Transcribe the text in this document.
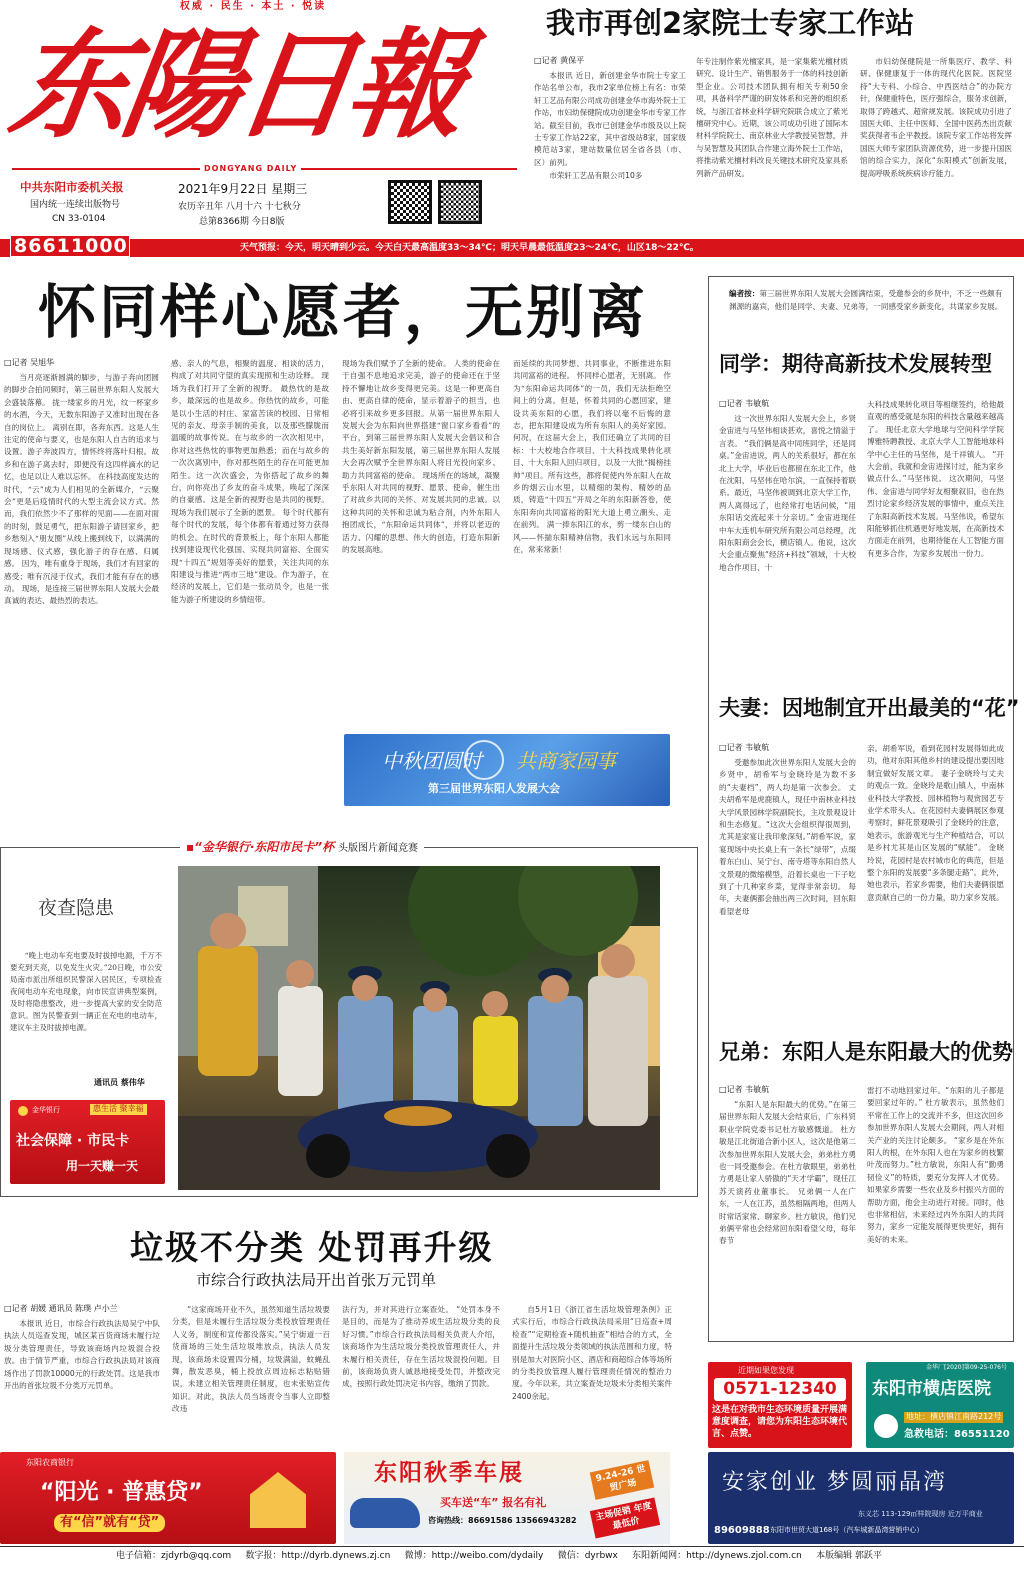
权威 · 民生 · 本土 · 悦读
东陽日報
DONGYANG DAILY
中共东阳市委机关报
国内统一连续出版物号
CN 33-0104
2021年9月22日 星期三
农历辛丑年 八月十六 十七秋分
总第8366期 今日8版
86611000	天气预报：今天，明天晴到少云。今天白天最高温度33～34℃；明天早晨最低温度23～24℃，山区18～22℃。
我市再创2家院士专家工作站
□记者 黄保平

本报讯 近日，新创建金华市院士专家工作站名单公布，我市2家单位榜上有名：市荣轩工艺品有限公司成功创建金华市海外院士工作站，市妇幼保健院成功创建金华市专家工作站。截至目前，我市已创建金华市级及以上院士专家工作站22家，其中省级站8家，国家级模范站3家，建站数量位居全省各县（市、区）前列。

市荣轩工艺品有限公司10多

年专注制作紫光檀家具，是一家集紫光檀材质研究、设计生产、销售服务于一体的科技创新型企业。公司技术团队拥有相关专利50余项，具备科学严谨的研发体系和完善的组织系统，与浙江省林业科学研究院联合成立了紫光檀研究中心。近期，该公司成功引进了国际木材科学院院士、南京林业大学教授吴智慧，并与吴智慧及其团队合作建立海外院士工作站，将推动紫光檀材料改良关键技术研究及家具系列新产品研发。

市妇幼保健院是一所集医疗、教学、科研、保健康复于一体的现代化医院。医院坚持“大专科、小综合、中西医结合”的办院方针，保健重特色，医疗强综合，服务求创新，取得了跨越式、超常规发展。该院成功引进了国医大师、主任中医师、全国中医药杰出贡献奖获得者韦企平教授。该院专家工作站将发挥国医大师专家团队资源优势，进一步提升国医馆的综合实力，深化“东阳模式”创新发展，提高呼吸系统疾病诊疗能力。

怀同样心愿者，无别离
□记者 吴旭华

当月亮逐渐圆满的脚步，与游子奔向团圆的脚步合拍同频时，第三届世界东阳人发展大会盛装落幕。 拢一缕家乡的月光，纹一杯家乡的水酒，今天，无数东阳游子又准时出现在各自的岗位上。 离别在即，各奔东西。这是人生注定的使命与要义，也是东阳人自古的追求与设置。游子奔波四方，情怀终将落叶归根。故乡和在游子离去时，即便没有这四样滴水的记忆，也足以让人难以忘怀。 在科技高度发达的时代，“云”成为人们相见的全新媒介，“云聚会”更是后疫情时代的大型主流会议方式。然而，我们依然少不了那样的见面——在面对面的时刻，鼓足勇气，把东阳游子请回家乡，把乡愁刻入“朋友圈”从线上搬到线下，以满满的现场感、仪式感，强化游子的存在感、归属感。 因为，唯有重身于现场，我们才有回家的感受；唯有沉浸于仪式，我们才能有存在的感动。 现场，是连接三届世界东阳人发展大会最真诚的表达、最热烈的表达。

感、亲人的气息，相聚的温度、相谈的活力，构成了对共同守望的真实现照和生动诠释。 现场为我们打开了全新的视野。 最热忱的是故乡，最深远的也是故乡。你热忱的故乡，可能是以小生活的村庄、家富苦读的校园、日常相见的亲友、母亲手制的美食，以及那些朦胧而温暖的故事传说。在与故乡的一次次相见中，你对这些热忱的事物更加熟悉；而在与故乡的一次次离别中，你对那些陌生的存在可能更加陌生。这一次次盛会，为你搭起了故乡的舞台，向你亮出了乡友的奋斗成果，唤起了深深的自豪感。这是全新的视野也是共同的视野。 现场为我们展示了全新的愿景。 每个时代都有每个时代的发展，每个体都有着通过努力获得的机会。在时代的背景板上，每个东阳人都能找到建设现代化强国、实现共同富裕、全面实现“十四五”规划等美好的愿景，关注共同的东阳建设与推进“两市三地”建设。作为游子，在经济的发展上，它们是一张动员令，也是一张能为游子所建设的乡情纽带。

现场为我们赋予了全新的使命。 人类的使命在于自强不息地追求完美，游子的使命还在于坚持不懈地让故乡变得更完美。这是一种更高自由、更高自律的使命，显示着游子的担当，也必将引来故乡更多回报。从第一届世界东阳人发展大会为东阳向世界搭建“窗口家乡看看”的平台，到第三届世界东阳人发展大会倡议和合共生美好新东阳发展，第三届世界东阳人发展大会再次赋予全世界东阳人将目光投向家乡、助力共同富裕的使命。 现场所在的场域，凝聚乎东阳人对共同的视野、愿景、使命，催生出了对故乡共同的关怀、对发展共同的忠诚。以这种共同的关怀和忠诚为粘合剂，内外东阳人抱团成长，“东阳命运共同体”，并将以老迈的活力、闪耀的思想、伟大的创造，打造东阳新的发展高地。

而延续的共同梦想、共同事业，不断推进东阳共同富裕的进程。 怀同样心愿者，无别离。 作为“东阳命运共同体”的一员，我们无法拒绝空间上的分离。但是，怀着共同的心愿回家，建设共美东阳的心愿，我们将以毫不后悔的意志，把东阳建设成为所有东阳人的美好家园。 何况，在这届大会上，我们还确立了共同的目标：十大校地合作项目、十大科技成果转化项目、十大东阳人回归项目，以及一大批“揭榜挂帅”项目。所有这些，都将促使内外东阳人在故乡的烟云山水里，以精细的架构、精妙的品质，铸造“十四五”开局之年的东阳新答卷，使东阳奔向共同富裕的阳光大道上勇立潮头、走在前列。 满一捧东阳江的水，剪一缕东白山的风——怀揣东阳精神信物，我们永远与东阳同在，常来常新！

中秋团圆时 共商家园事
第三届世界东阳人发展大会
编者按：第三届世界东阳人发展大会圆满结束，受邀参会的乡贤中，不乏一些颇有渊源的嘉宾，他们是同学、夫妻、兄弟等，一同感受家乡新变化，共谋家乡发展。
同学：期待高新技术发展转型
□记者 韦敏航

这一次世界东阳人发展大会上，乡贤金宙进与马坚伟相谈甚欢，喜悦之情溢于言表。 “我们俩是高中同班同学，还是同桌。”金宙进说，两人的关系很好，都在东北上大学，毕业后也都留在东北工作，他在沈阳，马坚伟在哈尔滨，一直保持着联系。最近，马坚伟被调到北京大学工作，两人离得远了，也经常打电话问候，“用东阳话交流起来十分亲切。” 金宙进现任中车大连机车研究所有限公司总经理，沈阳东阳商会会长，横店镇人。他说，这次大会重点聚焦“经济+科技”领域，十大校地合作项目、十

大科技成果转化项目等相继签约，给他最直观的感受就是东阳的科技含量越来越高了。 现任北京大学地球与空间科学学院博雅特聘教授、北京大学人工智能地球科学中心主任的马坚伟，是千祥镇人。 “开大会前，我就和金宙进探讨过，能为家乡做点什么。”马坚伟说。 这次期间，马坚伟、金宙进与同学好友相聚叙旧，也在热烈讨论家乡经济发展的事情中，重点关注了东阳高新技术发展。马坚伟说，希望东阳能够抓住机遇更好地发展，在高新技术方面走在前列，也期待能在人工智能方面有更多合作，为家乡发展出一份力。

夫妻：因地制宜开出最美的“花”
□记者 韦敏航

受邀参加此次世界东阳人发展大会的乡贤中，胡希军与金晓玲是为数不多的“夫妻档”，两人均是第一次参会。 丈夫胡希军是虎鹿镇人，现任中南林业科技大学风景园林学院副院长，主攻景观设计和生态修复。“这次大会组织得很周到，尤其是家宴让我印象深刻。”胡希军说，家宴现场中央长桌上有一条长“绿带”，点缀着东白山、吴宁台、南寺塔等东阳自然人文景观的微缩模型，沿着长桌也一下子吃到了十几种家乡菜，觉得非常亲切。 每年，夫妻俩都会抽出两三次时间，回东阳看望老母

亲。胡希军说，看到花园村发展得如此成功，他对东阳其他乡村的建设提出要因地制宜做好发展文章。 妻子金晓玲与丈夫的观点一致。金晓玲是歌山镇人，中南林业科技大学教授、园林植物与观赏园艺专业学术带头人。在花园村夫妻俩展区参观考察时，鲜花景观吸引了金晓玲的注意，她表示，旅游观光与生产种植结合，可以是乡村尤其是山区发展的“赋能”。 金晓玲说，花园村是农村城市化的典范，但是整个东阳的发展要“多条腿走路”。此外，她也表示，若家乡需要，他们夫妻俩很愿意贡献自己的一份力量，助力家乡发展。

兄弟：东阳人是东阳最大的优势
□记者 韦敏航

“东阳人是东阳最大的优势。”在第三届世界东阳人发展大会结束后，广东科贸职业学院党委书记杜方敏感慨道。 杜方敏是江北街道合新小区人，这次是他第二次参加世界东阳人发展大会，弟弟杜方勇也一同受邀参会。在杜方敏眼里，弟弟杜方勇是让家人骄傲的“天才学霸”，现任江苏天演药业董事长。 兄弟俩一人在广东，一人在江苏，虽然相隔两地，但两人时常话家常、聊家乡。杜方敏说，他们兄弟俩平常也会经常回东阳看望父母，每年春节

雷打不动地回家过年。“东阳的儿子都是要回家过年的。” 杜方敏表示，虽然他们平常在工作上的交流并不多，但这次回乡参加世界东阳人发展大会期间，两人对相关产业的关注讨论颇多。 “家乡是在外东阳人的根，在外东阳人也在为家乡的枝繁叶茂而努力。”杜方敏说，东阳人有“勤勇韧俭义”的特质，要充分发挥人才优势。如果家乡需要一些农业及乡村振兴方面的帮助方面，他会主动进行对接。同时，他也非常相信，未来经过内外东阳人的共同努力，家乡一定能发展得更快更好，拥有美好的未来。

▪“金华银行·东阳市民卡”杯 头版图片新闻竞赛
夜查隐患

“晚上电动车充电要及时拔掉电源，千万不要充到天亮，以免发生火灾。”20日晚，市公安局南市派出所组织民警深入居民区，专项检查夜间电动车充电现象，向市民宣讲典型案例，及时将隐患整改，进一步提高大家的安全防范意识。图为民警查到一辆正在充电的电动车，建议车主及时拔掉电源。

通讯员 蔡伟华
金华银行	惠生活 聚幸福
社会保障 · 市民卡
用一天赚一天
垃圾不分类 处罚再升级
市综合行政执法局开出首张万元罚单
□记者 胡媛 通讯员 陈璞 卢小兰

本报讯 近日，市综合行政执法局吴宁中队执法人员巡查发现，城区某百货商场未履行垃圾分类管理责任，导致该商场内垃圾混合投放。由于情节严重，市综合行政执法局对该商场作出了罚款10000元的行政处罚。这是我市开出的首张垃圾不分类万元罚单。

“这家商场开业不久，虽然知道生活垃圾要分类，但是未履行生活垃圾分类投放管理责任人义务，制度和宣传都没落实。”吴宁街道一百货商场的三处生活垃圾堆放点，执法人员发现，该商场未设置四分桶，垃圾满溢，蚊蝇乱舞，散发恶臭，桶上投放点周边标志粘贴错误，未建立相关管理责任制度，也未张贴宣传知识。对此，执法人员当场责令当事人立即整改违

法行为，并对其进行立案查处。 “处罚本身不是目的，而是为了推动养成生活垃圾分类的良好习惯。”市综合行政执法局相关负责人介绍，该商场作为生活垃圾分类投放管理责任人，并未履行相关责任，存在生活垃圾混投问题。目前，该商场负责人诚恳地接受处罚，并整改完成，按照行政处罚决定书内容，缴纳了罚款。

自5月1日《浙江省生活垃圾管理条例》正式实行后，市综合行政执法局采用“日巡查+周检查”“定期检查+随机抽查”相结合的方式，全面提升生活垃圾分类领域的执法范围和力度，特别是加大对医院小区、酒店和商超综合体等场所的分类投放管理人履行管理责任情况的整治力度。今年以来，共立案查处垃圾未分类相关案件2400余起。

近期如果您发现
0571-12340
这是在对我市生态环境质量开展满意度调查，请您为东阳生态环境代言、点赞。
金华厂[2020]第09-25-076号
东阳市横店医院
地址：横店镇江南路212号
急救电话：86551120
东阳农商银行
“阳光 · 普惠贷”
有“信”就有“贷”
东阳秋季车展
买车送“车” 报名有礼
咨询热线：86691586 13566943282
9.24-26 世贸广场
主场促销 年度最低价
安家创业 梦圆丽晶湾
东义芯 113-129㎡样院现房 近万平商业
89609888 东阳市世贸大道168号（汽车城新晶湾营销中心）
电子信箱：zjdyrb@qq.com 数字报：http://dyrb.dynews.zj.cn 微博：http://weibo.com/dydaily 微信：dyrbwx 东阳新闻网：http://dynews.zjol.com.cn 本版编辑 郭跃平
